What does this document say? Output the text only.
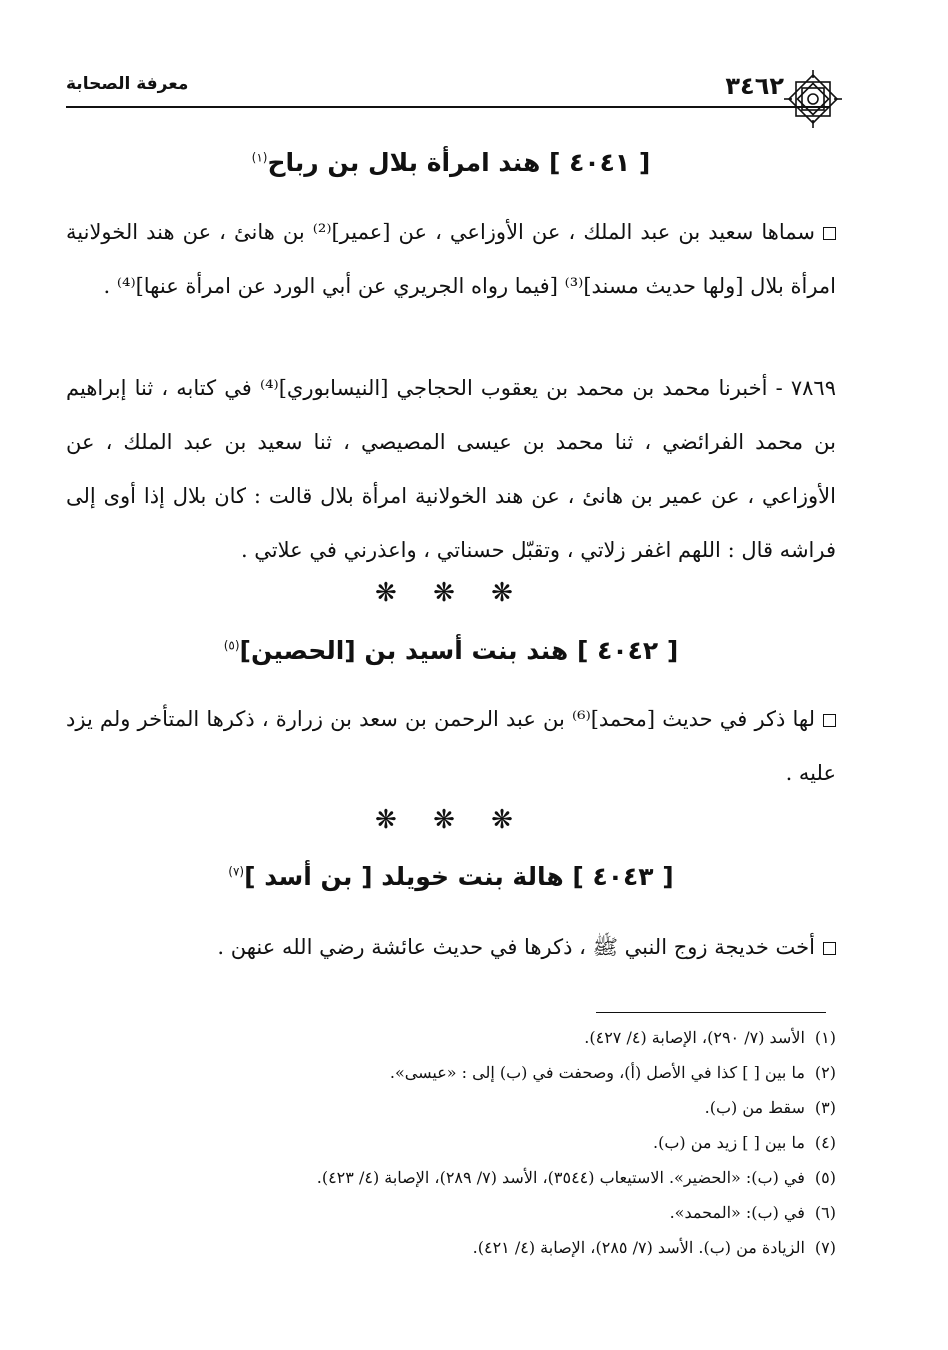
معرفة الصحابة	٣٤٦٢
[ ٤٠٤١ ] هند امرأة بلال بن رباح$^{(١)}$
سماها سعيد بن عبد الملك ، عن الأوزاعي ، عن [عمير]⁽²⁾ بن هانئ ، عن هند الخولانية امرأة بلال [ولها حديث مسند]⁽³⁾ [فيما رواه الجريري عن أبي الورد عن امرأة عنها]⁽⁴⁾ .
٧٨٦٩ - أخبرنا محمد بن محمد بن يعقوب الحجاجي [النيسابوري]⁽⁴⁾ في كتابه ، ثنا إبراهيم بن محمد الفرائضي ، ثنا محمد بن عيسى المصيصي ، ثنا سعيد بن عبد الملك ، عن الأوزاعي ، عن عمير بن هانئ ، عن هند الخولانية امرأة بلال قالت : كان بلال إذا أوى إلى فراشه قال : اللهم اغفر زلاتي ، وتقبّل حسناتي ، واعذرني في علاتي .
❋ ❋ ❋
[ ٤٠٤٢ ] هند بنت أسيد بن [الحصين]$^{(٥)}$
لها ذكر في حديث [محمد]⁽⁶⁾ بن عبد الرحمن بن سعد بن زرارة ، ذكرها المتأخر ولم يزد عليه .
❋ ❋ ❋
[ ٤٠٤٣ ] هالة بنت خويلد [ بن أسد ]$^{(٧)}$
أخت خديجة زوج النبي ﷺ ، ذكرها في حديث عائشة رضي الله عنهن .
(١)الأسد (٧/ ٢٩٠)، الإصابة (٤/ ٤٢٧).
(٢)ما بين [ ] كذا في الأصل (أ)، وصحفت في (ب) إلى : «عيسى».
(٣)سقط من (ب).
(٤)ما بين [ ] زيد من (ب).
(٥)في (ب): «الحضير». الاستيعاب (٣٥٤٤)، الأسد (٧/ ٢٨٩)، الإصابة (٤/ ٤٢٣).
(٦)في (ب): «المحمد».
(٧)الزيادة من (ب). الأسد (٧/ ٢٨٥)، الإصابة (٤/ ٤٢١).
